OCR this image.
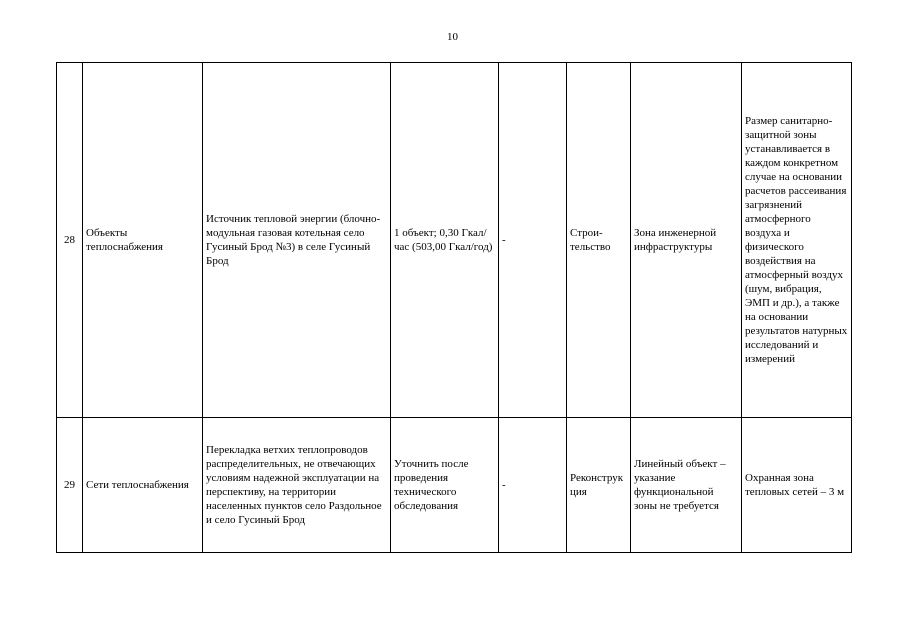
10
28	Объекты теплоснабжения	Источник тепловой энергии (блочно-модульная газовая котельная село Гусиный Брод №3) в селе Гусиный Брод	1 объект; 0,30 Гкал/час (503,00 Гкал/год)	-	Строи- тельство	Зона инженерной инфраструктуры	Размер санитарно- защитной зоны устанавливается в каждом конкретном случае на основании расчетов рассеивания загрязнений атмосферного воздуха и физического воздействия на атмосферный воздух (шум, вибрация, ЭМП и др.), а также на основании результатов натурных исследований и измерений
29	Сети теплоснабжения	Перекладка ветхих теплопроводов распределительных, не отвечающих условиям надежной эксплуатации на перспективу, на территории населенных пунктов село Раздольное и село Гусиный Брод	Уточнить после проведения технического обследования	-	Реконструкция	Линейный объект – указание функциональной зоны не требуется	Охранная зона тепловых сетей – 3 м
